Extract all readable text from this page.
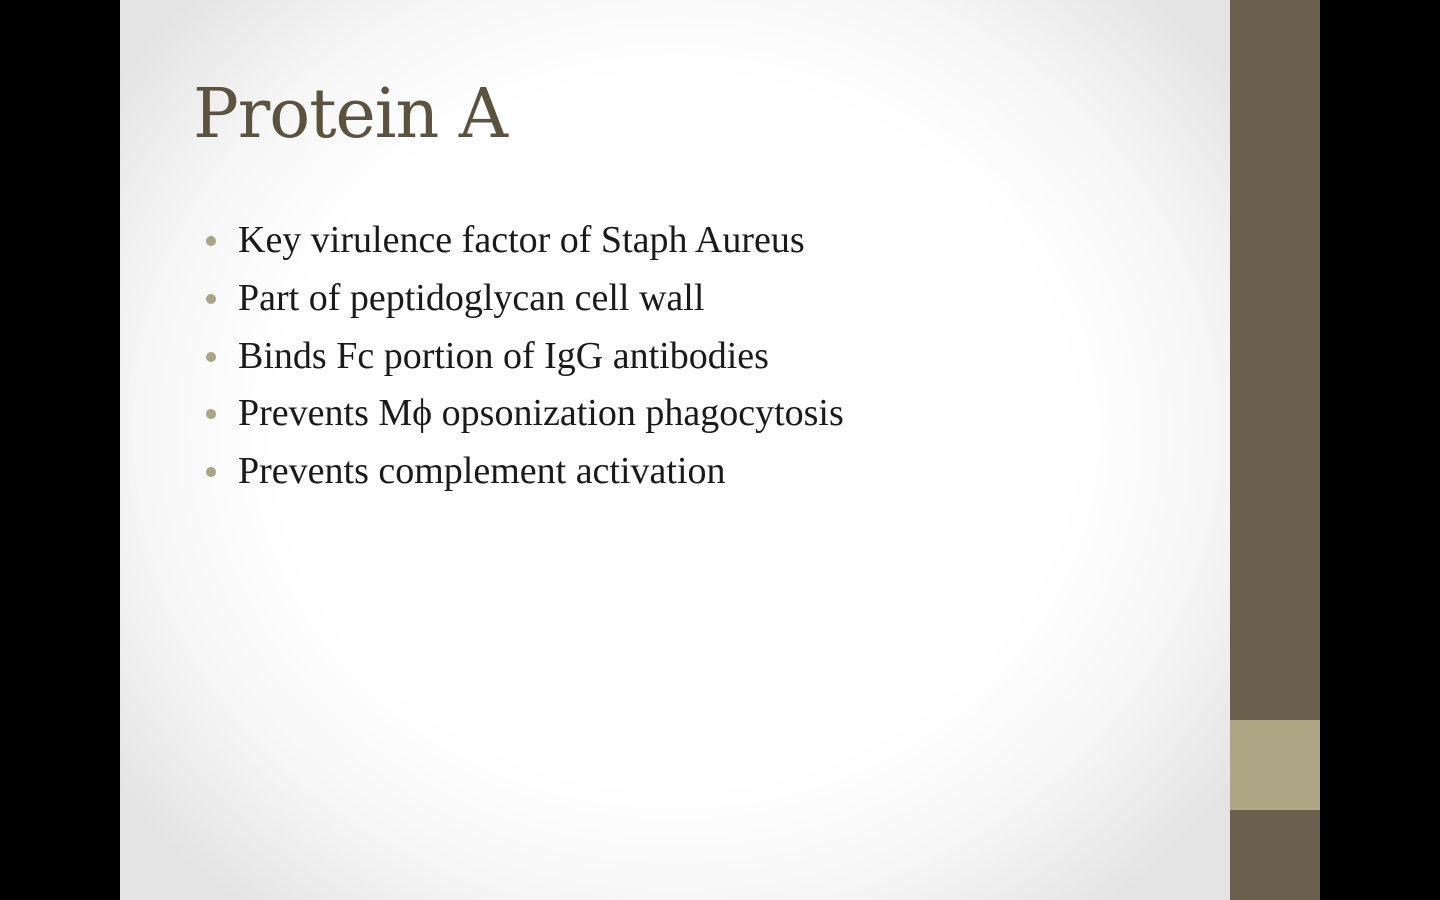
Protein A
Key virulence factor of Staph Aureus
Part of peptidoglycan cell wall
Binds Fc portion of IgG antibodies
Prevents Mϕ opsonization phagocytosis
Prevents complement activation
